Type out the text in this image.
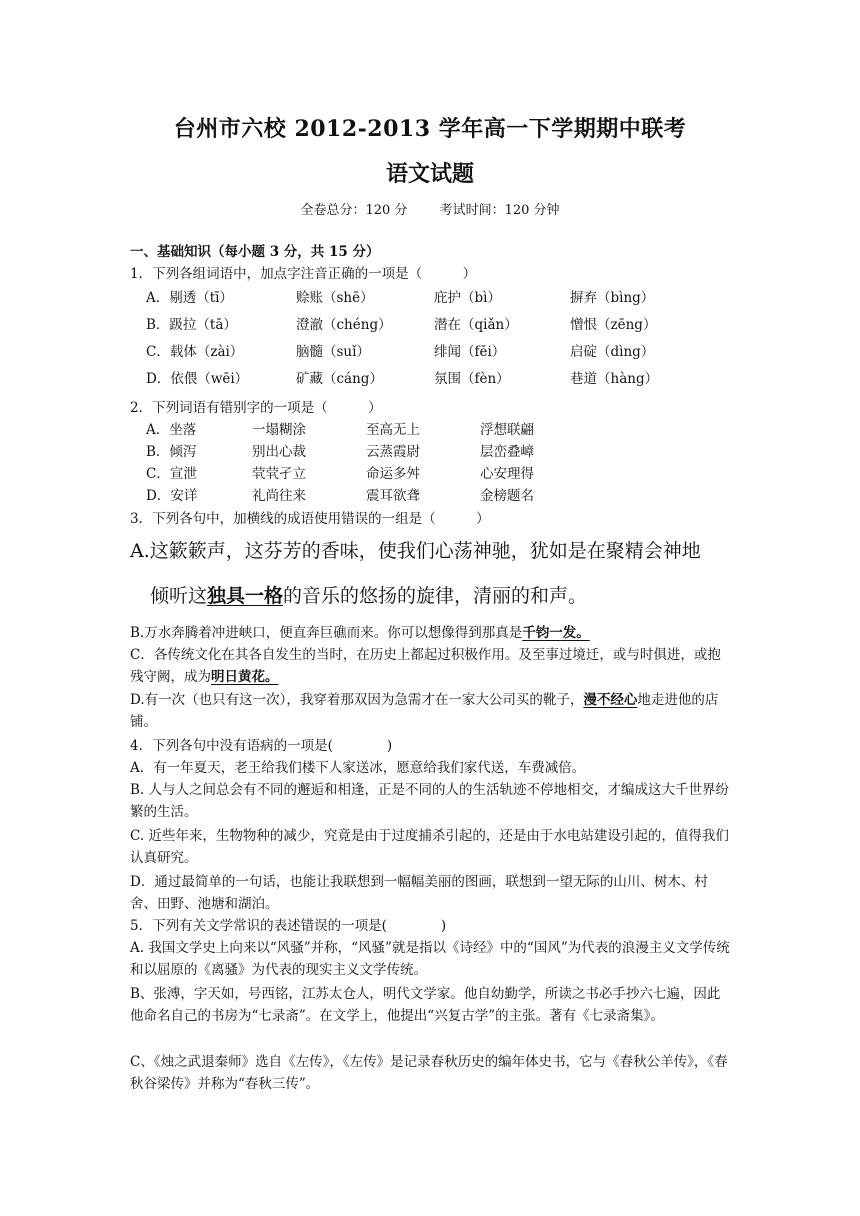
台州市六校 2012-2013 学年高一下学期期中联考
语文试题
全卷总分：120 分 考试时间：120 分钟
一、基础知识（每小题 3 分，共 15 分）
1．下列各组词语中，加点字注音正确的一项是（　　　）
A．剔透（tī）	赊账（shē）	庇护（bì）	摒弃（bìng）
B．趿拉（tā）	澄澈（chéng）	潜在（qiǎn）	憎恨（zēng）
C．载体（zài）	脑髓（suǐ）	绯闻（fēi）	启碇（dìng）
D．依偎（wēi）	矿藏（cáng）	氛围（fèn）	巷道（hàng）
2．下列词语有错别字的一项是（　　　）
A．坐落	一塌糊涂	至高无上	浮想联翩
B．倾泻	别出心裁	云蒸霞尉	层峦叠嶂
C．宣泄	茕茕孑立	命运多舛	心安理得
D．安详	礼尚往来	震耳欲聋	金榜题名
3．下列各句中，加横线的成语使用错误的一组是（　　　）
A.这簌簌声，这芬芳的香味，使我们心荡神驰，犹如是在聚精会神地
倾听这独具一格的音乐的悠扬的旋律，清丽的和声。
B.万水奔腾着冲进峡口，便直奔巨礁而来。你可以想像得到那真是千钧一发。
C．各传统文化在其各自发生的当时，在历史上都起过积极作用。及至事过境迁，或与时俱进，或抱残守阙，成为明日黄花。
D.有一次（也只有这一次），我穿着那双因为急需才在一家大公司买的靴子，漫不经心地走进他的店铺。
4．下列各句中没有语病的一项是(　　　　)
A．有一年夏天，老王给我们楼下人家送冰，愿意给我们家代送，车费减倍。
B. 人与人之间总会有不同的邂逅和相逢，正是不同的人的生活轨迹不停地相交，才编成这大千世界纷繁的生活。
C. 近些年来，生物物种的减少，究竟是由于过度捕杀引起的，还是由于水电站建设引起的，值得我们认真研究。
D．通过最简单的一句话，也能让我联想到一幅幅美丽的图画，联想到一望无际的山川、树木、村舍、田野、池塘和湖泊。
5．下列有关文学常识的表述错误的一项是(　　　　)
A. 我国文学史上向来以“风骚”并称，“风骚”就是指以《诗经》中的“国风”为代表的浪漫主义文学传统和以屈原的《离骚》为代表的现实主义文学传统。
B、张溥，字天如，号西铭，江苏太仓人，明代文学家。他自幼勤学，所读之书必手抄六七遍，因此他命名自己的书房为“七录斋”。在文学上，他提出“兴复古学”的主张。著有《七录斋集》。
C、《烛之武退秦师》选自《左传》，《左传》是记录春秋历史的编年体史书，它与《春秋公羊传》，《春秋谷梁传》并称为“春秋三传”。
